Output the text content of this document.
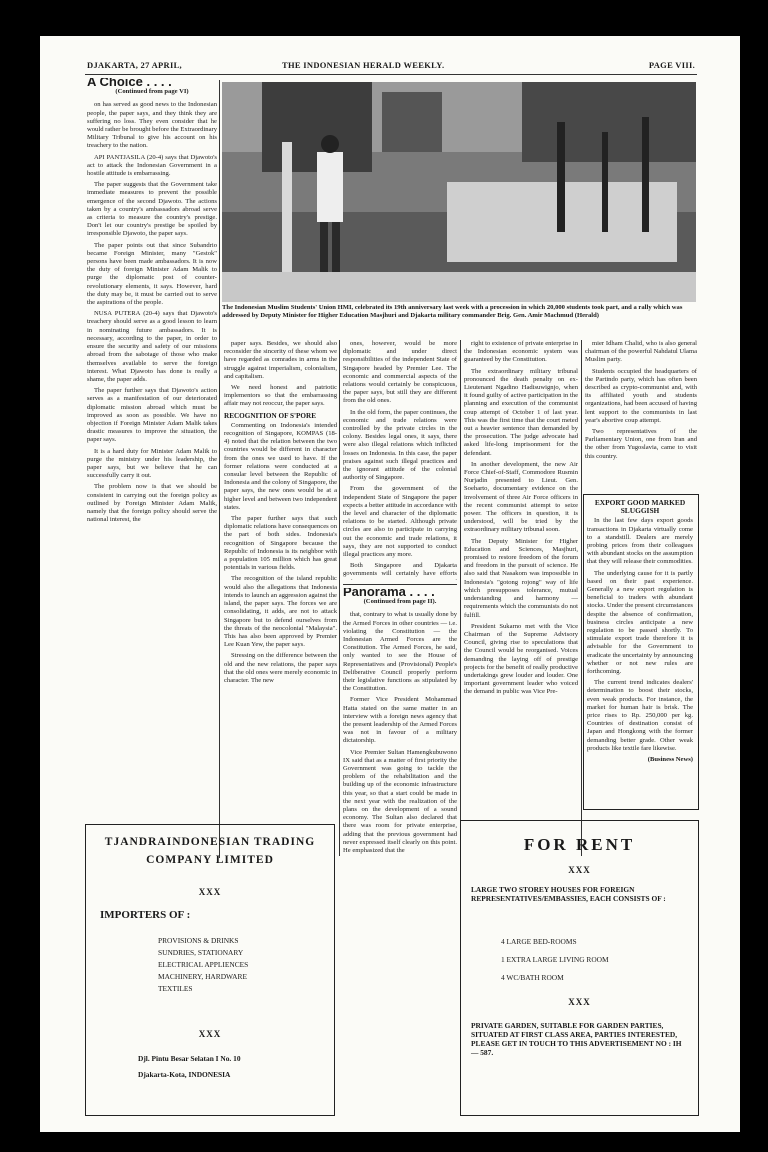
DJAKARTA, 27 APRIL,	THE INDONESIAN HERALD WEEKLY.	PAGE VIII.
A Choice . . . .

(Continued from page VI)

on has served as good news to the Indonesian people, the paper says, and they think they are suffering no loss. They even consider that he would rather be brought before the Extraordinary Military Tribunal to give his account on his treachery to the nation.

API PANTJASILA (20-4) says that Djawoto's act to attack the Indonesian Government in a hostile attitude is embarrassing.

The paper suggests that the Government take immediate measures to prevent the possible emergence of the second Djawoto. The actions taken by a country's ambassadors abroad serve as criteria to measure the country's prestige. Don't let our country's prestige be spoiled by irresponsible Djawoto, the paper says.

The paper points out that since Subandrio became Foreign Minister, many "Gestok" persons have been made ambassadors. It is now the duty of foreign Minister Adam Malik to purge the diplomatic post of counter-revolutionary elements, it says. However, hard the duty may be, it must be carried out to serve the aspirations of the people.

NUSA PUTERA (20-4) says that Djawoto's treachery should serve as a good lesson to learn in nominating future ambassadors. It is necessary, according to the paper, in order to ensure the security and safety of our missions abroad from the sabotage of those who make themselves available to serve the foreign interest. What Djawoto has done is really a shame, the paper adds.

The paper further says that Djawoto's action serves as a manifestation of our deteriorated diplomatic mission abroad which must be improved as soon as possible. We have no objection if Foreign Minister Adam Malik takes drastic measures to improve the situation, the paper says.

It is a hard duty for Minister Adam Malik to purge the ministry under his leadership, the paper says, but we believe that he can successfully carry it out.

The problem now is that we should be consistent in carrying out the foreign policy as outlined by Foreign Minister Adam Malik, namely that the foreign policy should serve the national interest, the

The Indonesian Muslim Students' Union HMI, celebrated its 19th anniversary last week with a procession in which 20,000 students took part, and a rally which was addressed by Deputy Minister for Higher Education Masjhuri and Djakarta military commander Brig. Gen. Amir Machmud (Herald)

paper says. Besides, we should also reconsider the sincerity of these whom we have regarded as comrades in arms in the struggle against imperialism, colonialism, and capitalism.

We need honest and patriotic implementors so that the embarrassing affair may not reoccur, the paper says.

RECOGNITION OF S'PORE

Commenting on Indonesia's intended recognition of Singapore, KOMPAS (18-4) noted that the relation between the two countries would be different in character from the ones we used to have. If the former relations were conducted at a consular level between the Republic of Indonesia and the colony of Singapore, the paper says, the new ones would be at a higher level and between two independent states.

The paper further says that such diplomatic relations have consequences on the part of both sides. Indonesia's recognition of Singapore because the Republic of Indonesia is its neighbor with a population 105 million which has great potentials in various fields.

The recognition of the island republic would also the allegations that Indonesia intends to launch an aggression against the island, the paper says. The forces we are consolidating, it adds, are not to attack Singapore but to defend ourselves from the threats of the neocolonial "Malaysia". This has also been approved by Premier Lee Kuan Yew, the paper says.

Stressing on the difference between the old and the new relations, the paper says that the old ones were merely economic in character. The new

ones, however, would be more diplomatic and under direct responsibilities of the independent State of Singapore headed by Premier Lee. The economic and commercial aspects of the relations would certainly be conspicuous, the paper says, but still they are different from the old ones.

In the old form, the paper continues, the economic and trade relations were controlled by the private circles in the colony. Besides legal ones, it says, there were also illegal relations which inflicted losses on Indonesia. In this case, the paper praises against such illegal practices and the ignorant attitude of the colonial authority of Singapore.

From the government of the independent State of Singapore the paper expects a better attitude in accordance with the level and character of the diplomatic relations to be started. Although private circles are also to participate in carrying out the economic and trade relations, it says, they are not supported to conduct illegal practices any more.

Both Singapore and Djakarta governments will certainly have efforts

Panorama . . . .

(Continued from page II).

that, contrary to what is usually done by the Armed Forces in other countries — i.e. violating the Constitution — the Indonesian Armed Forces are the Constitution. The Armed Forces, he said, only wanted to see the House of Representatives and (Provisional) People's Deliberative Council properly perform their legislative functions as stipulated by the Constitution.

Former Vice President Mohammad Hatta stated on the same matter in an interview with a foreign news agency that the present leadership of the Armed Forces was not in favour of a military dictatorship.

Vice Premier Sultan Hamengkubuwono IX said that as a matter of first priority the Government was going to tackle the problem of the rehabilitation and the building up of the economic infrastructure this year, so that a start could be made in the next year with the realization of the plans on the development of a sound economy. The Sultan also declared that there was room for private enterprise, adding that the previous government had never expressed itself clearly on this point. He emphasized that the

right to existence of private enterprise in the Indonesian economic system was guaranteed by the Constitution.

The extraordinary military tribunal pronounced the death penalty on ex-Lieutenant Ngadino Hadisuwignjo, when it found guilty of active participation in the planning and execution of the communist coup attempt of October 1 of last year. This was the first time that the court meted out a heavier sentence than demanded by the prosecution. The judge advocate had asked life-long imprisonment for the defendant.

In another development, the new Air Force Chief-of-Staff, Commodore Rusmin Nurjadin presented to Lieut. Gen. Soeharto, documentary evidence on the involvement of three Air Force officers in the recent communist attempt to seize power. The officers in question, it is understood, will be tried by the extraordinary military tribunal soon.

The Deputy Minister for Higher Education and Sciences, Masjhuri, promised to restore freedom of the forum and freedom in the pursuit of science. He also said that Nasakom was impossible in Indonesia's "gotong rojong" way of life which presupposes tolerance, mutual understanding and harmony — requirements which the communists do not fulfill.

President Sukarno met with the Vice Chairman of the Supreme Advisory Council, giving rise to speculations that the Council would be reorganised. Voices demanding the laying off of prestige projects for the benefit of really productive undertakings grew louder and louder. One important government leader who voiced the demand in public was Vice Pre-

mier Idham Chalid, who is also general chairman of the powerful Nahdatul Ulama Muslim party.

Students occupied the headquarters of the Partindo party, which has often been described as crypto-communist and, with its affiliated youth and students organizations, had been accused of having lent support to the communists in last year's abortive coup attempt.

Two representatives of the Parliamentary Union, one from Iran and the other from Yugoslavia, came to visit this country.

EXPORT GOOD MARKED SLUGGISH

In the last few days export goods transactions in Djakarta virtually come to a standstill. Dealers are merely probing prices from their colleagues with abundant stocks on the assumption that they will release their commodities.

The underlying cause for it is partly based on their past experience. Generally a new export regulation is beneficial to traders with abundant stocks. Under the present circumstances despite the absence of confirmation, business circles anticipate a new regulation to be passed shortly. To stimulate export trade therefore it is advisable for the Government to eradicate the uncertainty by announcing whether or not new rules are forthcoming.

The current trend indicates dealers' determination to boost their stocks, even weak products. For instance, the market for human hair is brisk. The price rises to Rp. 250,000 per kg. Countries of destination consist of Japan and Hongkong with the former demanding better grade. Other weak products like textile fare likewise.

(Business News)

TJANDRAINDONESIAN TRADING COMPANY LIMITED
XXX
IMPORTERS OF :
PROVISIONS & DRINKS
SUNDRIES, STATIONARY
ELECTRICAL APPLIENCES
MACHINERY, HARDWARE
TEXTILES
XXX
Djl. Pintu Besar Selatan I No. 10
Djakarta-Kota, INDONESIA
FOR RENT
XXX
LARGE TWO STOREY HOUSES FOR FOREIGN REPRESENTATIVES/EMBASSIES, EACH CONSISTS OF :
4 LARGE BED-ROOMS
1 EXTRA LARGE LIVING ROOM
4 WC/BATH ROOM
XXX
PRIVATE GARDEN, SUITABLE FOR GARDEN PARTIES, SITUATED AT FIRST CLASS AREA, PARTIES INTERESTED, PLEASE GET IN TOUCH TO THIS ADVERTISEMENT NO : IH — 587.
